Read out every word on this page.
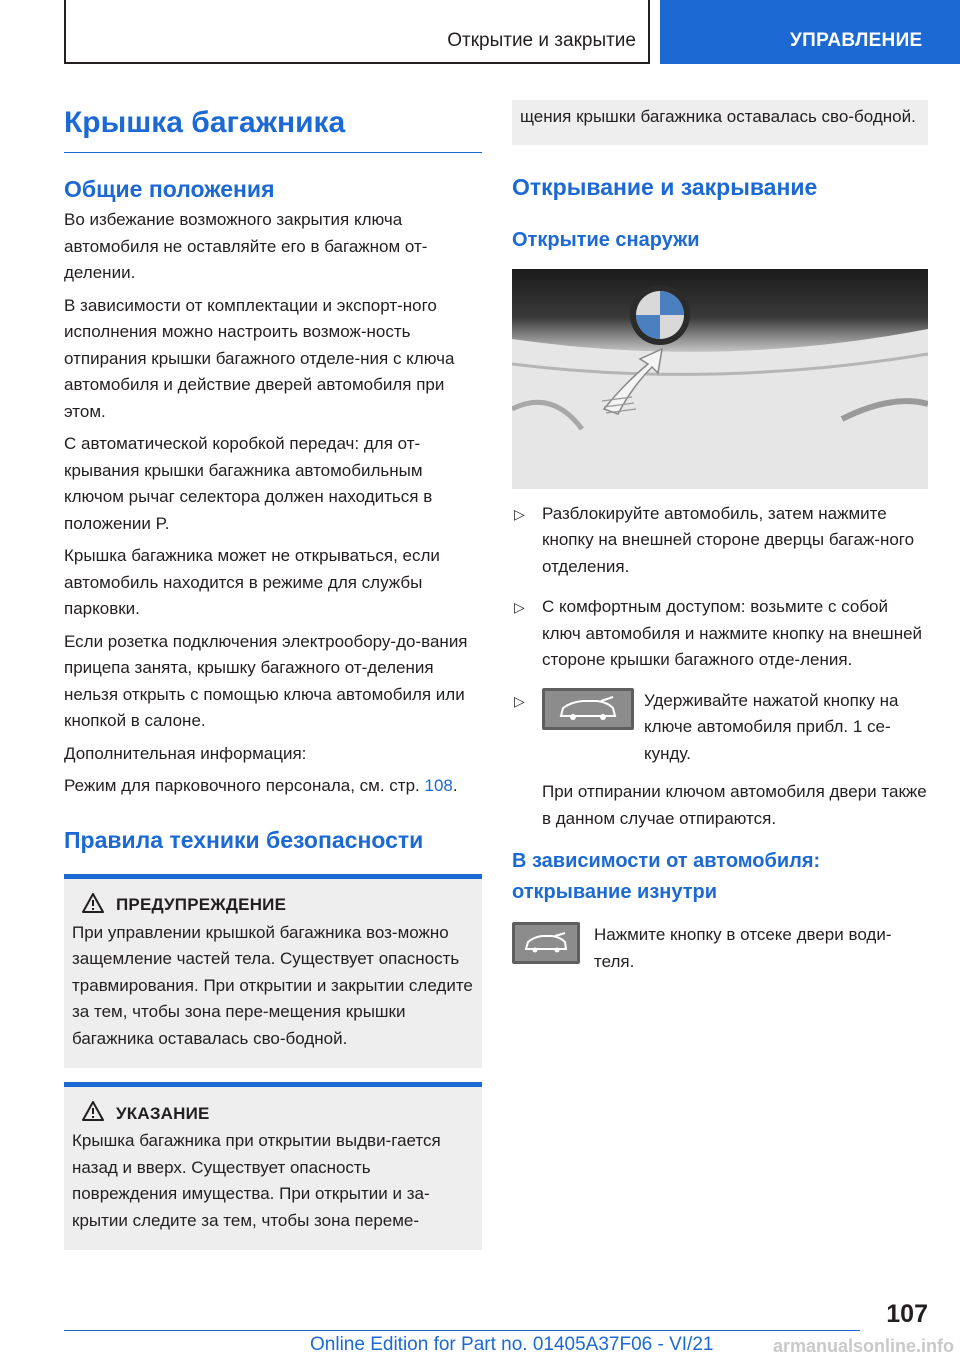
Открытие и закрытие	УПРАВЛЕНИЕ
Крышка багажника
Общие положения

Во избежание возможного закрытия ключа автомобиля не оставляйте его в багажном от-делении.

В зависимости от комплектации и экспорт-ного исполнения можно настроить возмож-ность отпирания крышки багажного отделе-ния с ключа автомобиля и действие дверей автомобиля при этом.

С автоматической коробкой передач: для от-крывания крышки багажника автомобильным ключом рычаг селектора должен находиться в положении P.

Крышка багажника может не открываться, если автомобиль находится в режиме для службы парковки.

Если розетка подключения электрообору-до-вания прицепа занята, крышку багажного от-деления нельзя открыть с помощью ключа автомобиля или кнопкой в салоне.

Дополнительная информация:

Режим для парковочного персонала, см. стр. 108.

Правила техники безопасности
ПРЕДУПРЕЖДЕНИЕ

При управлении крышкой багажника воз-можно защемление частей тела. Существует опасность травмирования. При открытии и закрытии следите за тем, чтобы зона пере-мещения крышки багажника оставалась сво-бодной.

УКАЗАНИЕ

Крышка багажника при открытии выдви-гается назад и вверх. Существует опасность повреждения имущества. При открытии и за-крытии следите за тем, чтобы зона переме-

щения крышки багажника оставалась сво-бодной.

Открывание и закрывание
Открытие снаружи
▷	Разблокируйте автомобиль, затем нажмите кнопку на внешней стороне дверцы багаж-ного отделения.

▷	С комфортным доступом: возьмите с собой ключ автомобиля и нажмите кнопку на внешней стороне крышки багажного отде-ления.

▷	Удерживайте нажатой кнопку на ключе автомобиля прибл. 1 се-кунду.

При отпирании ключом автомобиля двери также в данном случае отпираются.

В зависимости от автомобиля: открывание изнутри

Нажмите кнопку в отсеке двери води-теля.

107
Online Edition for Part no. 01405A37F06 - VI/21	armanualsonline.info
